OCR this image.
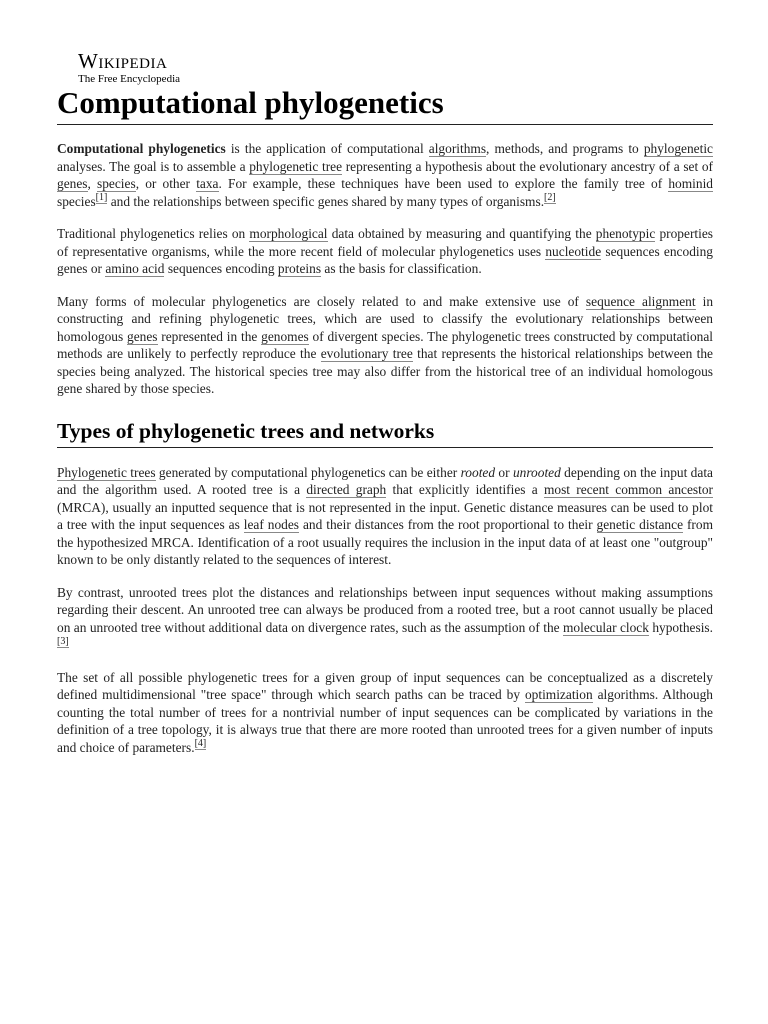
Wikipedia
The Free Encyclopedia
Computational phylogenetics

Computational phylogenetics is the application of computational algorithms, methods, and programs to phylogenetic analyses. The goal is to assemble a phylogenetic tree representing a hypothesis about the evolutionary ancestry of a set of genes, species, or other taxa. For example, these techniques have been used to explore the family tree of hominid species[1] and the relationships between specific genes shared by many types of organisms.[2]

Traditional phylogenetics relies on morphological data obtained by measuring and quantifying the phenotypic properties of representative organisms, while the more recent field of molecular phylogenetics uses nucleotide sequences encoding genes or amino acid sequences encoding proteins as the basis for classification.

Many forms of molecular phylogenetics are closely related to and make extensive use of sequence alignment in constructing and refining phylogenetic trees, which are used to classify the evolutionary relationships between homologous genes represented in the genomes of divergent species. The phylogenetic trees constructed by computational methods are unlikely to perfectly reproduce the evolutionary tree that represents the historical relationships between the species being analyzed. The historical species tree may also differ from the historical tree of an individual homologous gene shared by those species.

Types of phylogenetic trees and networks

Phylogenetic trees generated by computational phylogenetics can be either rooted or unrooted depending on the input data and the algorithm used. A rooted tree is a directed graph that explicitly identifies a most recent common ancestor (MRCA), usually an inputted sequence that is not represented in the input. Genetic distance measures can be used to plot a tree with the input sequences as leaf nodes and their distances from the root proportional to their genetic distance from the hypothesized MRCA. Identification of a root usually requires the inclusion in the input data of at least one "outgroup" known to be only distantly related to the sequences of interest.

By contrast, unrooted trees plot the distances and relationships between input sequences without making assumptions regarding their descent. An unrooted tree can always be produced from a rooted tree, but a root cannot usually be placed on an unrooted tree without additional data on divergence rates, such as the assumption of the molecular clock hypothesis.[3]

The set of all possible phylogenetic trees for a given group of input sequences can be conceptualized as a discretely defined multidimensional "tree space" through which search paths can be traced by optimization algorithms. Although counting the total number of trees for a nontrivial number of input sequences can be complicated by variations in the definition of a tree topology, it is always true that there are more rooted than unrooted trees for a given number of inputs and choice of parameters.[4]
